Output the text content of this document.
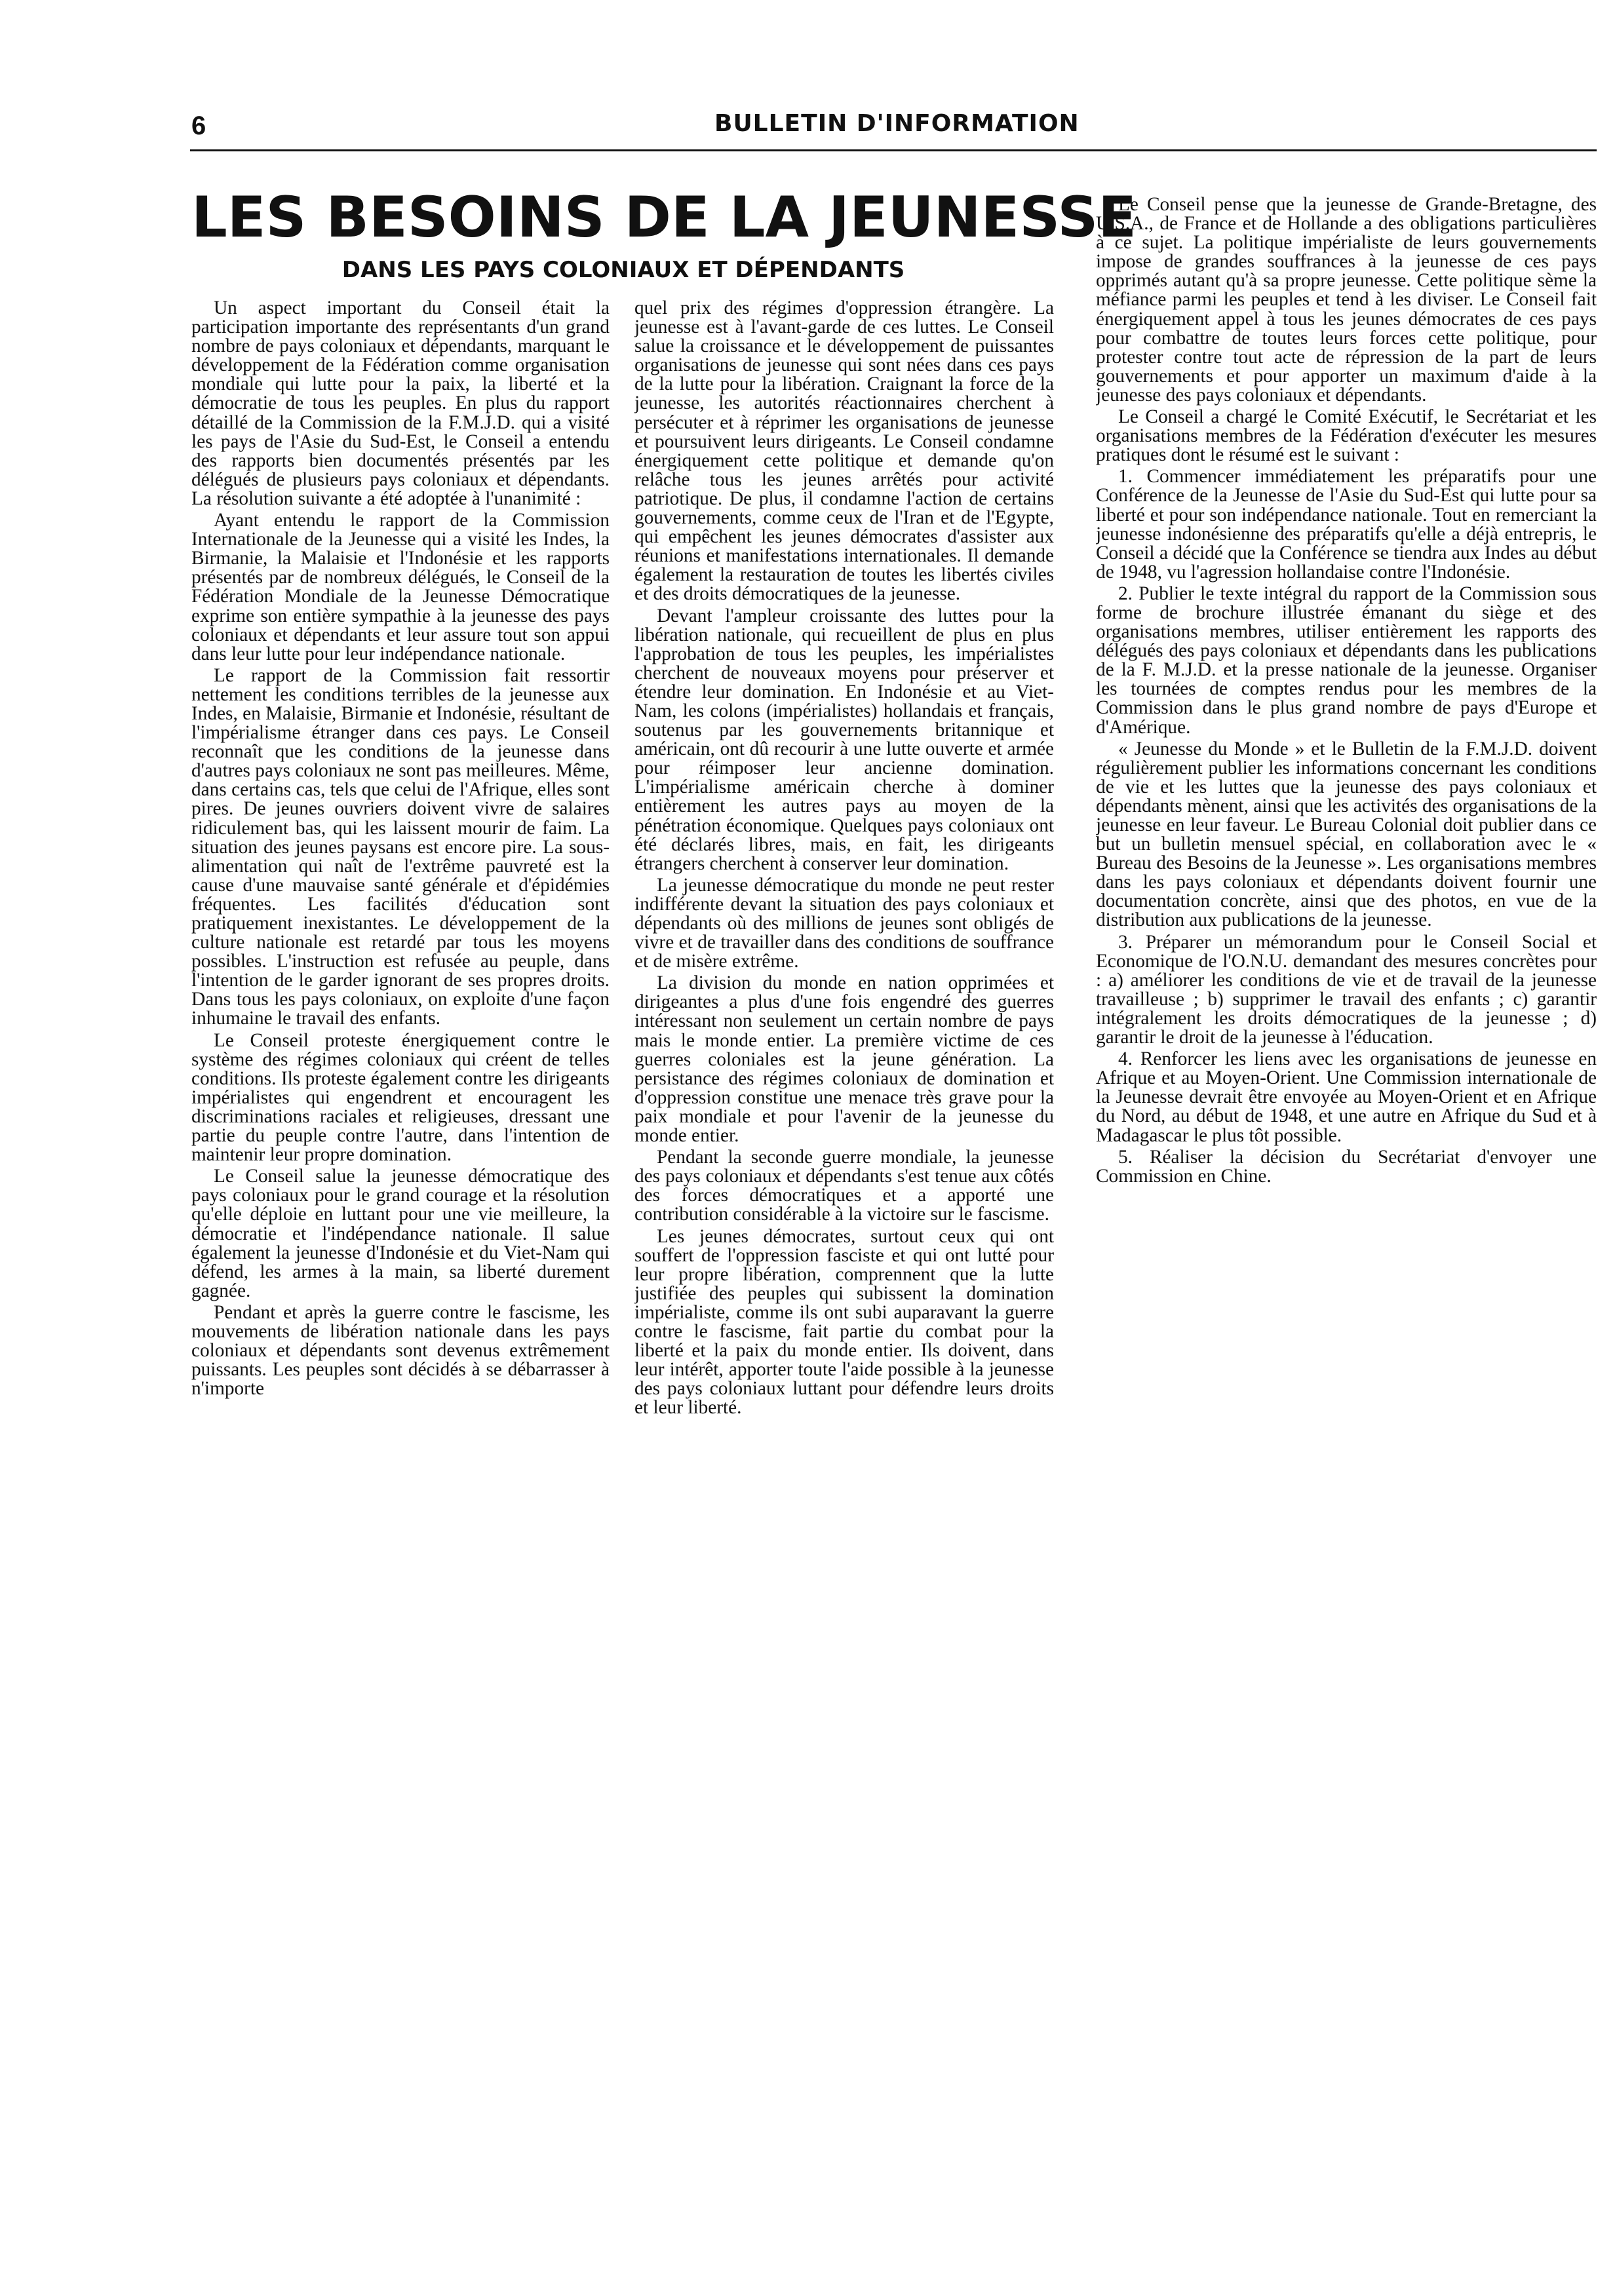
6	BULLETIN D'INFORMATION
LES BESOINS DE LA JEUNESSE
DANS LES PAYS COLONIAUX ET DÉPENDANTS

Un aspect important du Conseil était la participation importante des représentants d'un grand nombre de pays coloniaux et dépendants, marquant le développement de la Fédération comme organisation mondiale qui lutte pour la paix, la liberté et la démocratie de tous les peuples. En plus du rapport détaillé de la Commission de la F.M.J.D. qui a visité les pays de l'Asie du Sud-Est, le Conseil a entendu des rapports bien documentés présentés par les délégués de plusieurs pays coloniaux et dépendants. La résolution suivante a été adoptée à l'unanimité :

Ayant entendu le rapport de la Commission Internationale de la Jeunesse qui a visité les Indes, la Birmanie, la Malaisie et l'Indonésie et les rapports présentés par de nombreux délégués, le Conseil de la Fédération Mondiale de la Jeunesse Démocratique exprime son entière sympathie à la jeunesse des pays coloniaux et dépendants et leur assure tout son appui dans leur lutte pour leur indépendance nationale.

Le rapport de la Commission fait ressortir nettement les conditions terribles de la jeunesse aux Indes, en Malaisie, Birmanie et Indonésie, résultant de l'impérialisme étranger dans ces pays. Le Conseil reconnaît que les conditions de la jeunesse dans d'autres pays coloniaux ne sont pas meilleures. Même, dans certains cas, tels que celui de l'Afrique, elles sont pires. De jeunes ouvriers doivent vivre de salaires ridiculement bas, qui les laissent mourir de faim. La situation des jeunes paysans est encore pire. La sous-alimentation qui naît de l'extrême pauvreté est la cause d'une mauvaise santé générale et d'épidémies fréquentes. Les facilités d'éducation sont pratiquement inexistantes. Le développement de la culture nationale est retardé par tous les moyens possibles. L'instruction est refusée au peuple, dans l'intention de le garder ignorant de ses propres droits. Dans tous les pays coloniaux, on exploite d'une façon inhumaine le travail des enfants.

Le Conseil proteste énergiquement contre le système des régimes coloniaux qui créent de telles conditions. Ils proteste également contre les dirigeants impérialistes qui engendrent et encouragent les discriminations raciales et religieuses, dressant une partie du peuple contre l'autre, dans l'intention de maintenir leur propre domination.

Le Conseil salue la jeunesse démocratique des pays coloniaux pour le grand courage et la résolution qu'elle déploie en luttant pour une vie meilleure, la démocratie et l'indépendance nationale. Il salue également la jeunesse d'Indonésie et du Viet-Nam qui défend, les armes à la main, sa liberté durement gagnée.

Pendant et après la guerre contre le fascisme, les mouvements de libération nationale dans les pays coloniaux et dépendants sont devenus extrêmement puissants. Les peuples sont décidés à se débarrasser à n'importe

quel prix des régimes d'oppression étrangère. La jeunesse est à l'avant-garde de ces luttes. Le Conseil salue la croissance et le développement de puissantes organisations de jeunesse qui sont nées dans ces pays de la lutte pour la libération. Craignant la force de la jeunesse, les autorités réactionnaires cherchent à persécuter et à réprimer les organisations de jeunesse et poursuivent leurs dirigeants. Le Conseil condamne énergiquement cette politique et demande qu'on relâche tous les jeunes arrêtés pour activité patriotique. De plus, il condamne l'action de certains gouvernements, comme ceux de l'Iran et de l'Egypte, qui empêchent les jeunes démocrates d'assister aux réunions et manifestations internationales. Il demande également la restauration de toutes les libertés civiles et des droits démocratiques de la jeunesse.

Devant l'ampleur croissante des luttes pour la libération nationale, qui recueillent de plus en plus l'approbation de tous les peuples, les impérialistes cherchent de nouveaux moyens pour préserver et étendre leur domination. En Indonésie et au Viet-Nam, les colons (impérialistes) hollandais et français, soutenus par les gouvernements britannique et américain, ont dû recourir à une lutte ouverte et armée pour réimposer leur ancienne domination. L'impérialisme américain cherche à dominer entièrement les autres pays au moyen de la pénétration économique. Quelques pays coloniaux ont été déclarés libres, mais, en fait, les dirigeants étrangers cherchent à conserver leur domination.

La jeunesse démocratique du monde ne peut rester indifférente devant la situation des pays coloniaux et dépendants où des millions de jeunes sont obligés de vivre et de travailler dans des conditions de souffrance et de misère extrême.

La division du monde en nation opprimées et dirigeantes a plus d'une fois engendré des guerres intéressant non seulement un certain nombre de pays mais le monde entier. La première victime de ces guerres coloniales est la jeune génération. La persistance des régimes coloniaux de domination et d'oppression constitue une menace très grave pour la paix mondiale et pour l'avenir de la jeunesse du monde entier.

Pendant la seconde guerre mondiale, la jeunesse des pays coloniaux et dépendants s'est tenue aux côtés des forces démocratiques et a apporté une contribution considérable à la victoire sur le fascisme.

Les jeunes démocrates, surtout ceux qui ont souffert de l'oppression fasciste et qui ont lutté pour leur propre libération, comprennent que la lutte justifiée des peuples qui subissent la domination impérialiste, comme ils ont subi auparavant la guerre contre le fascisme, fait partie du combat pour la liberté et la paix du monde entier. Ils doivent, dans leur intérêt, apporter toute l'aide possible à la jeunesse des pays coloniaux luttant pour défendre leurs droits et leur liberté.

Le Conseil pense que la jeunesse de Grande-Bretagne, des U.S.A., de France et de Hollande a des obligations particulières à ce sujet. La politique impérialiste de leurs gouvernements impose de grandes souffrances à la jeunesse de ces pays opprimés autant qu'à sa propre jeunesse. Cette politique sème la méfiance parmi les peuples et tend à les diviser. Le Conseil fait énergiquement appel à tous les jeunes démocrates de ces pays pour combattre de toutes leurs forces cette politique, pour protester contre tout acte de répression de la part de leurs gouvernements et pour apporter un maximum d'aide à la jeunesse des pays coloniaux et dépendants.

Le Conseil a chargé le Comité Exécutif, le Secrétariat et les organisations membres de la Fédération d'exécuter les mesures pratiques dont le résumé est le suivant :

1. Commencer immédiatement les préparatifs pour une Conférence de la Jeunesse de l'Asie du Sud-Est qui lutte pour sa liberté et pour son indépendance nationale. Tout en remerciant la jeunesse indonésienne des préparatifs qu'elle a déjà entrepris, le Conseil a décidé que la Conférence se tiendra aux Indes au début de 1948, vu l'agression hollandaise contre l'Indonésie.

2. Publier le texte intégral du rapport de la Commission sous forme de brochure illustrée émanant du siège et des organisations membres, utiliser entièrement les rapports des délégués des pays coloniaux et dépendants dans les publications de la F. M.J.D. et la presse nationale de la jeunesse. Organiser les tournées de comptes rendus pour les membres de la Commission dans le plus grand nombre de pays d'Europe et d'Amérique.

« Jeunesse du Monde » et le Bulletin de la F.M.J.D. doivent régulièrement publier les informations concernant les conditions de vie et les luttes que la jeunesse des pays coloniaux et dépendants mènent, ainsi que les activités des organisations de la jeunesse en leur faveur. Le Bureau Colonial doit publier dans ce but un bulletin mensuel spécial, en collaboration avec le « Bureau des Besoins de la Jeunesse ». Les organisations membres dans les pays coloniaux et dépendants doivent fournir une documentation concrète, ainsi que des photos, en vue de la distribution aux publications de la jeunesse.

3. Préparer un mémorandum pour le Conseil Social et Economique de l'O.N.U. demandant des mesures concrètes pour : a) améliorer les conditions de vie et de travail de la jeunesse travailleuse ; b) supprimer le travail des enfants ; c) garantir intégralement les droits démocratiques de la jeunesse ; d) garantir le droit de la jeunesse à l'éducation.

4. Renforcer les liens avec les organisations de jeunesse en Afrique et au Moyen-Orient. Une Commission internationale de la Jeunesse devrait être envoyée au Moyen-Orient et en Afrique du Nord, au début de 1948, et une autre en Afrique du Sud et à Madagascar le plus tôt possible.

5. Réaliser la décision du Secrétariat d'envoyer une Commission en Chine.
